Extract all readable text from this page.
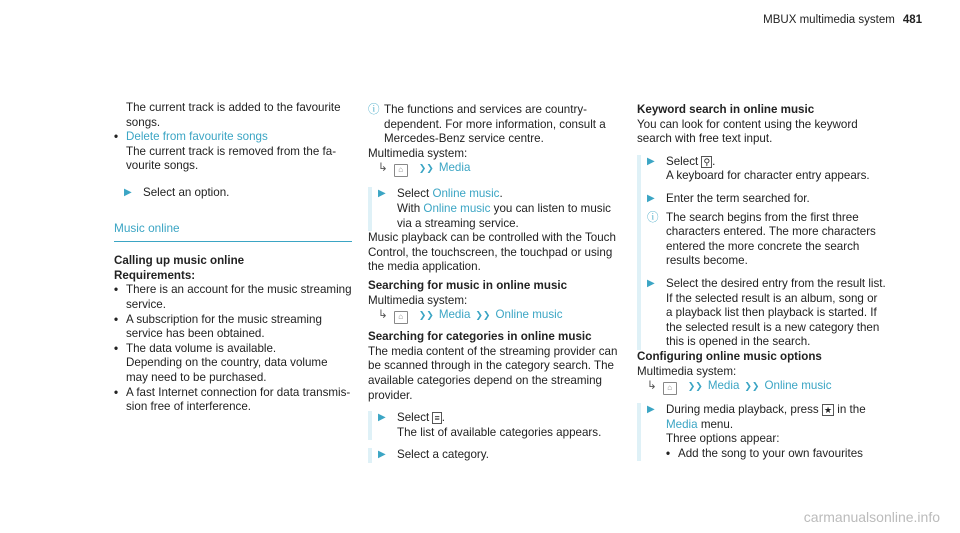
MBUX multimedia system 481

The current track is added to the favourite songs.

• Delete from favourite songs
The current track is removed from the favourite songs.
▶ Select an option.

Music online

Calling up music online

Requirements:

• There is an account for the music streaming service.
• A subscription for the music streaming service has been obtained.
• The data volume is available.
Depending on the country, data volume may need to be purchased.
• A fast Internet connection for data transmission free of interference.
ⓘ The functions and services are country-dependent. For more information, consult a Mercedes-Benz service centre.

Multimedia system:

↳ ⌂ ❯❯ Media
▶ Select Online music.
With Online music you can listen to music via a streaming service.

Music playback can be controlled with the Touch Control, the touchscreen, the touchpad or using the media application.

Searching for music in online music

Multimedia system:

↳ ⌂ ❯❯ Media ❯❯ Online music

Searching for categories in online music

The media content of the streaming provider can be scanned through in the category search. The available categories depend on the streaming provider.

▶ Select ≡ .
The list of available categories appears.
▶ Select a category.

Keyword search in online music

You can look for content using the keyword search with free text input.

▶ Select ⚲ .
A keyboard for character entry appears.
▶ Enter the term searched for.
ⓘ The search begins from the first three characters entered. The more characters entered the more concrete the search results become.
▶ Select the desired entry from the result list. If the selected result is an album, song or a playback list then playback is started. If the selected result is a new category then this is opened in the search.

Configuring online music options

Multimedia system:

↳ ⌂ ❯❯ Media ❯❯ Online music
▶ During media playback, press ★ in the
Media menu.
Three options appear:
• Add the song to your own favourites
carmanualsonline.info
